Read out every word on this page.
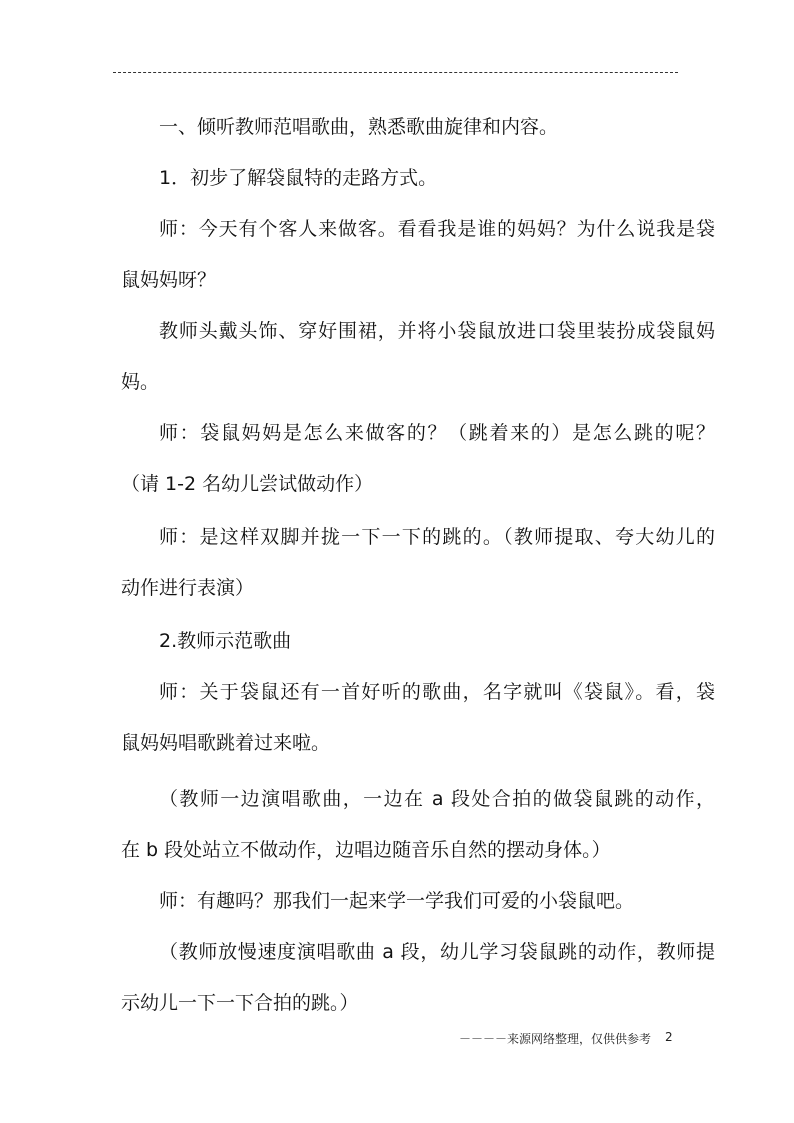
一、倾听教师范唱歌曲，熟悉歌曲旋律和内容。
1．初步了解袋鼠特的走路方式。
师：今天有个客人来做客。看看我是谁的妈妈？为什么说我是袋
鼠妈妈呀？
教师头戴头饰、穿好围裙，并将小袋鼠放进口袋里装扮成袋鼠妈
妈。
师：袋鼠妈妈是怎么来做客的？（跳着来的）是怎么跳的呢？
（请 1-2 名幼儿尝试做动作）
师：是这样双脚并拢一下一下的跳的。（教师提取、夸大幼儿的
动作进行表演）
2.教师示范歌曲
师：关于袋鼠还有一首好听的歌曲，名字就叫《袋鼠》。看，袋
鼠妈妈唱歌跳着过来啦。
（教师一边演唱歌曲，一边在 a 段处合拍的做袋鼠跳的动作，
在 b 段处站立不做动作，边唱边随音乐自然的摆动身体。）
师：有趣吗？那我们一起来学一学我们可爱的小袋鼠吧。
（教师放慢速度演唱歌曲 a 段，幼儿学习袋鼠跳的动作，教师提
示幼儿一下一下合拍的跳。）
－－－－来源网络整理，仅供供参考 2
